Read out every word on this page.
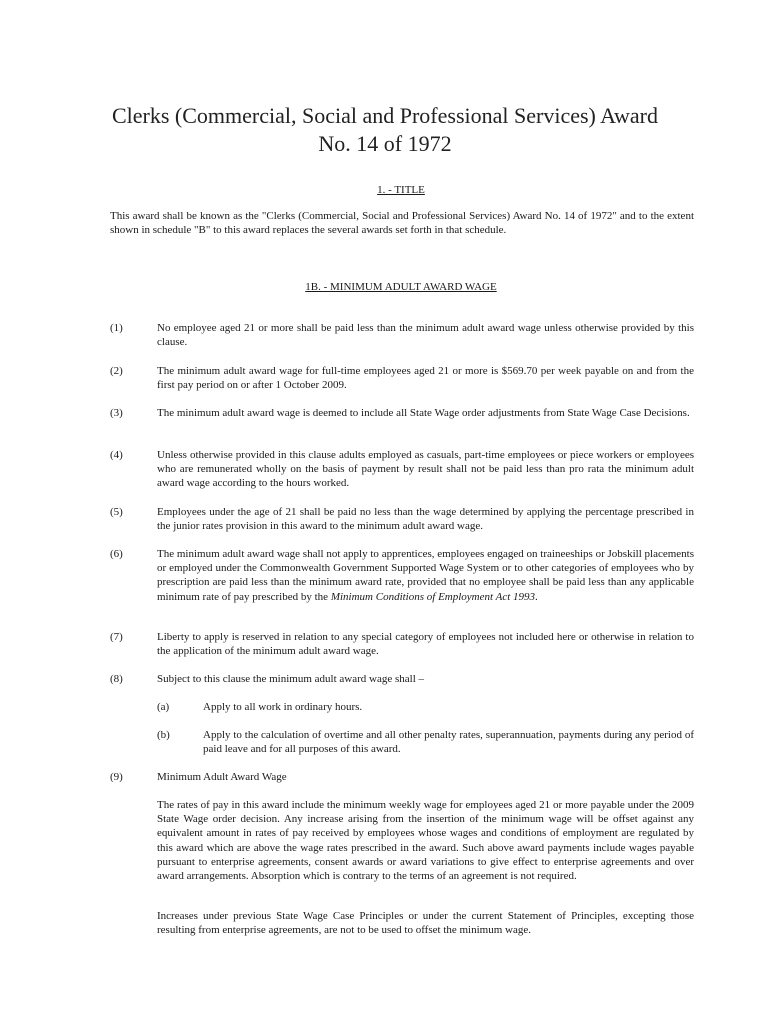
Clerks (Commercial, Social and Professional Services) Award
No. 14 of 1972
1. - TITLE
This award shall be known as the "Clerks (Commercial, Social and Professional Services) Award No. 14 of 1972" and to the extent shown in schedule "B" to this award replaces the several awards set forth in that schedule.
1B. - MINIMUM ADULT AWARD WAGE
(1)	No employee aged 21 or more shall be paid less than the minimum adult award wage unless otherwise provided by this clause.
(2)	The minimum adult award wage for full-time employees aged 21 or more is $569.70 per week payable on and from the first pay period on or after 1 October 2009.
(3)	The minimum adult award wage is deemed to include all State Wage order adjustments from State Wage Case Decisions.
(4)	Unless otherwise provided in this clause adults employed as casuals, part-time employees or piece workers or employees who are remunerated wholly on the basis of payment by result shall not be paid less than pro rata the minimum adult award wage according to the hours worked.
(5)	Employees under the age of 21 shall be paid no less than the wage determined by applying the percentage prescribed in the junior rates provision in this award to the minimum adult award wage.
(6)	The minimum adult award wage shall not apply to apprentices, employees engaged on traineeships or Jobskill placements or employed under the Commonwealth Government Supported Wage System or to other categories of employees who by prescription are paid less than the minimum award rate, provided that no employee shall be paid less than any applicable minimum rate of pay prescribed by the Minimum Conditions of Employment Act 1993.
(7)	Liberty to apply is reserved in relation to any special category of employees not included here or otherwise in relation to the application of the minimum adult award wage.
(8)	Subject to this clause the minimum adult award wage shall –
(a)	Apply to all work in ordinary hours.
(b)	Apply to the calculation of overtime and all other penalty rates, superannuation, payments during any period of paid leave and for all purposes of this award.
(9)	Minimum Adult Award Wage
The rates of pay in this award include the minimum weekly wage for employees aged 21 or more payable under the 2009 State Wage order decision. Any increase arising from the insertion of the minimum wage will be offset against any equivalent amount in rates of pay received by employees whose wages and conditions of employment are regulated by this award which are above the wage rates prescribed in the award. Such above award payments include wages payable pursuant to enterprise agreements, consent awards or award variations to give effect to enterprise agreements and over award arrangements. Absorption which is contrary to the terms of an agreement is not required.
Increases under previous State Wage Case Principles or under the current Statement of Principles, excepting those resulting from enterprise agreements, are not to be used to offset the minimum wage.
